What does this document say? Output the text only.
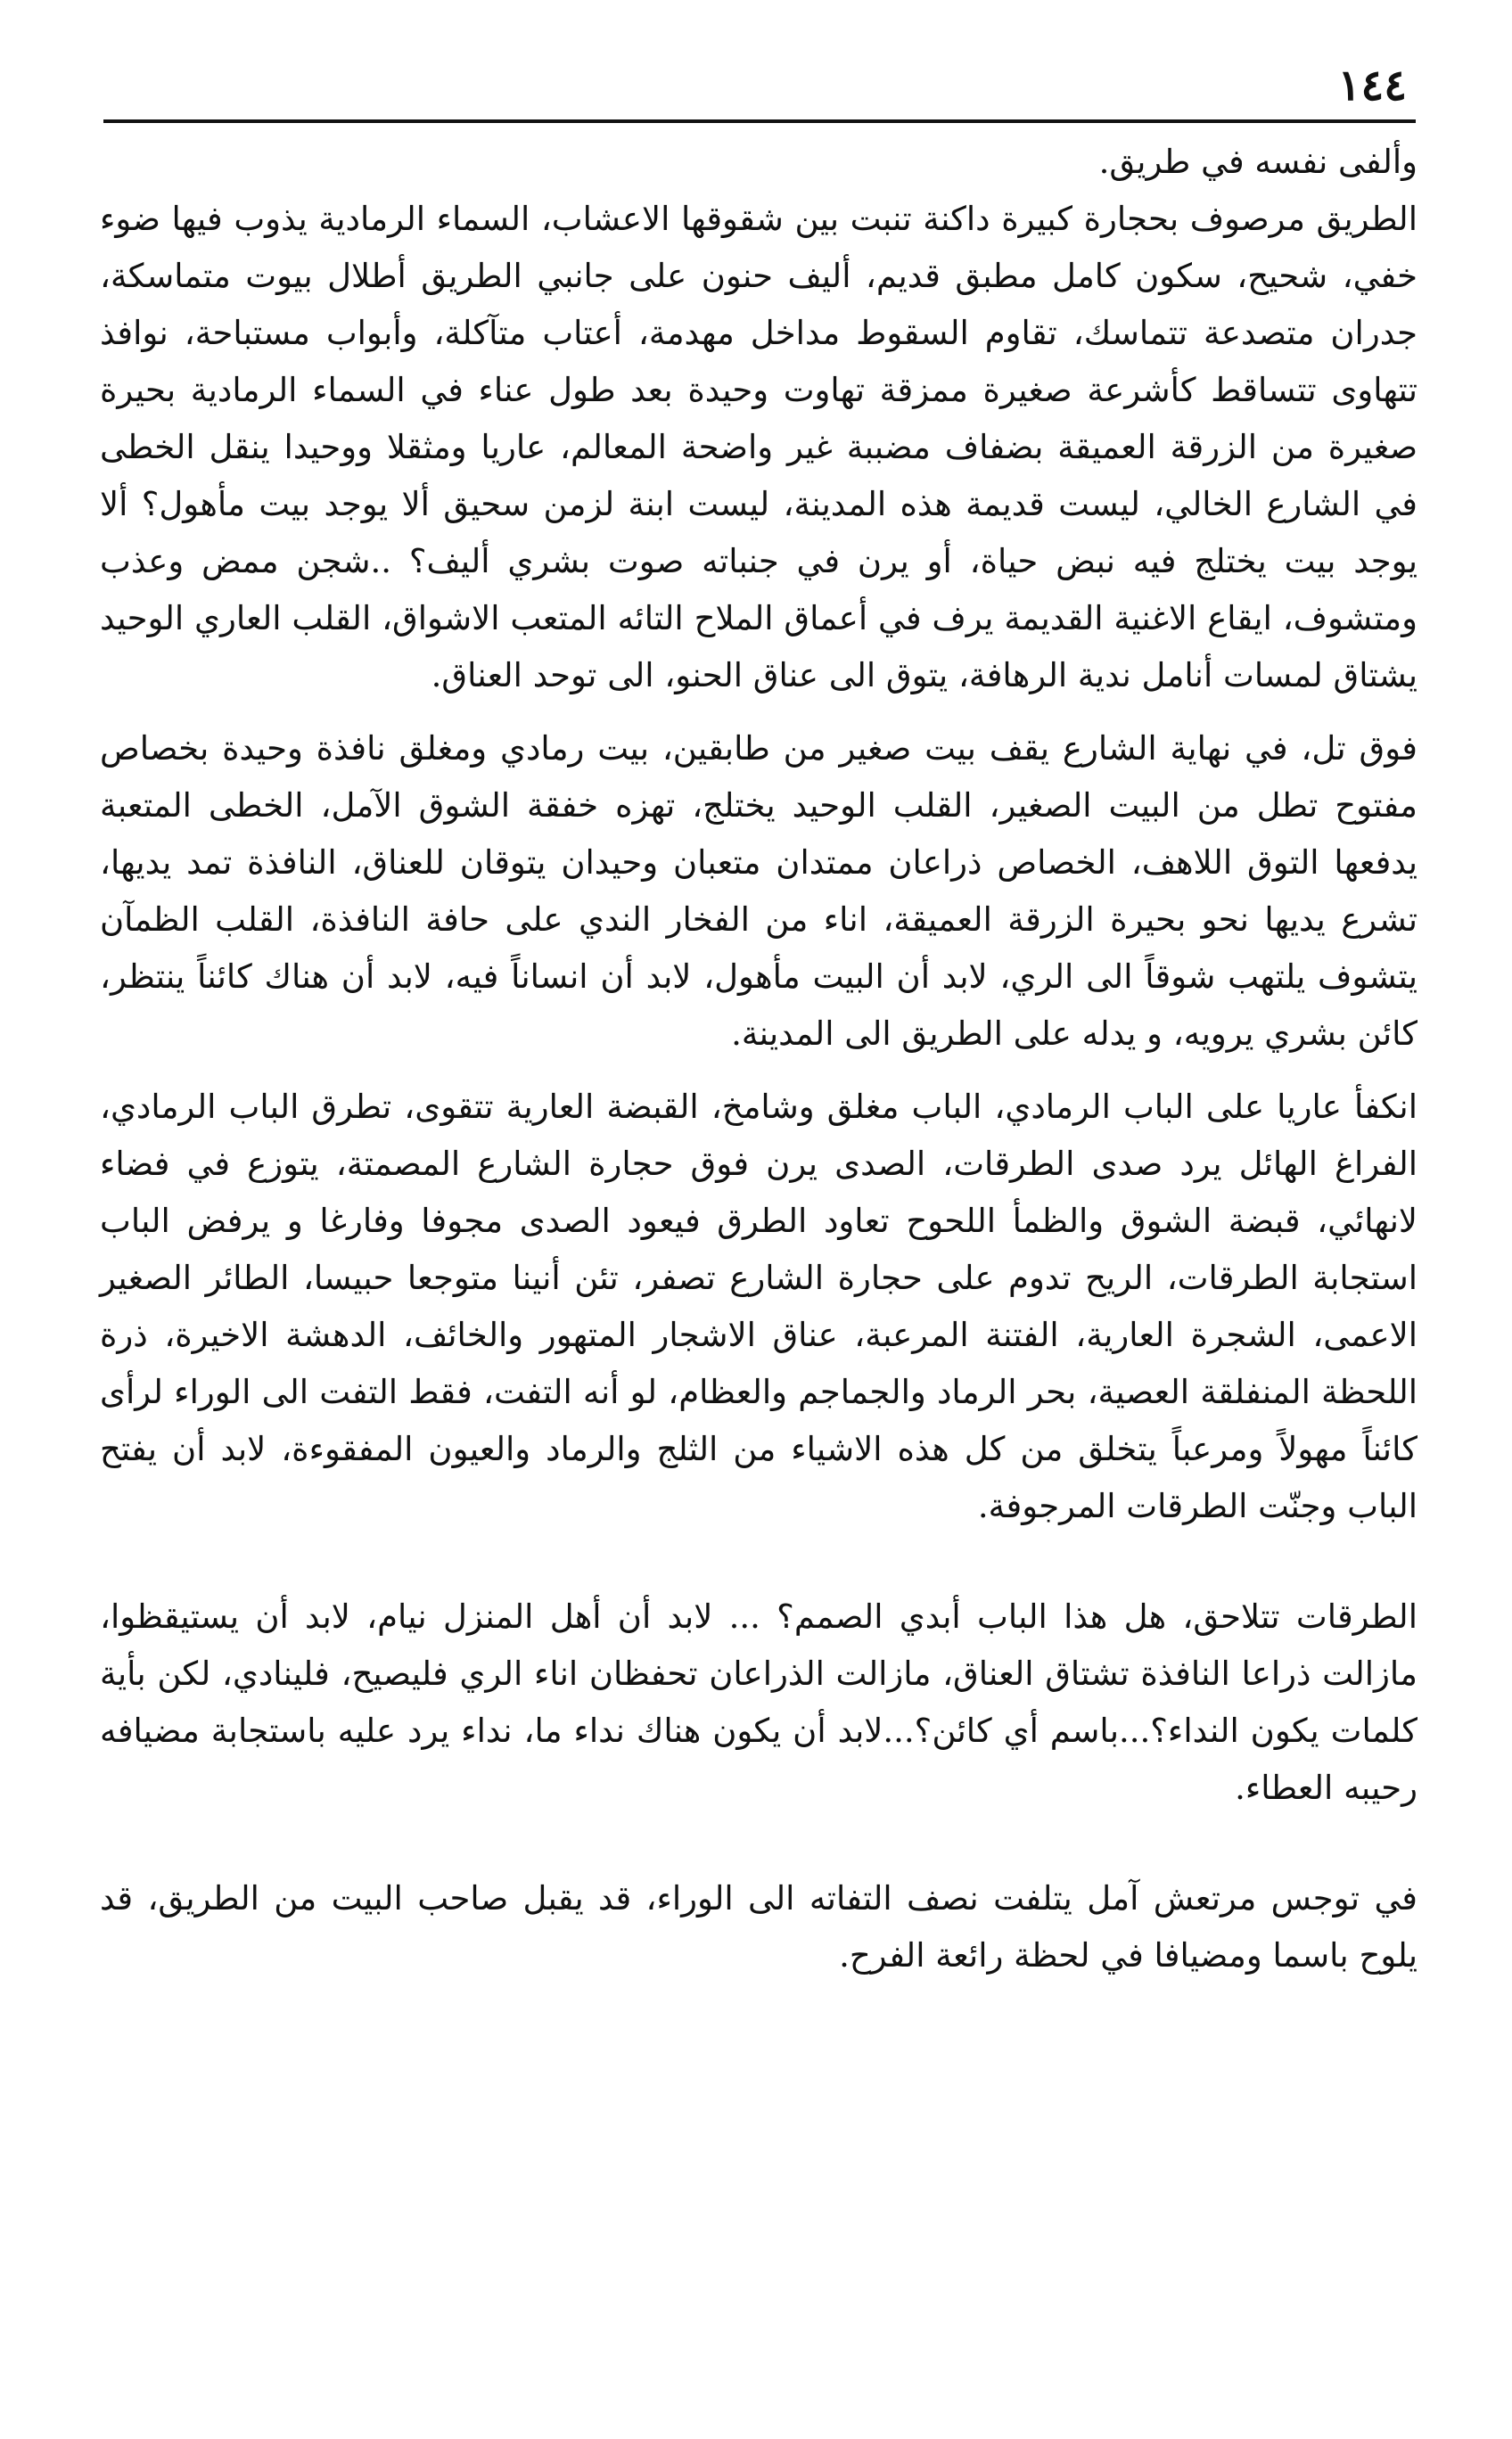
١٤٤

وألفى نفسه في طريق.

الطريق مرصوف بحجارة كبيرة داكنة تنبت بين شقوقها الاعشاب، السماء الرمادية يذوب فيها ضوء خفي، شحيح، سكون كامل مطبق قديم، أليف حنون على جانبي الطريق أطلال بيوت متماسكة، جدران متصدعة تتماسك، تقاوم السقوط مداخل مهدمة، أعتاب متآكلة، وأبواب مستباحة، نوافذ تتهاوى تتساقط كأشرعة صغيرة ممزقة تهاوت وحيدة بعد طول عناء في السماء الرمادية بحيرة صغيرة من الزرقة العميقة بضفاف مضببة غير واضحة المعالم، عاريا ومثقلا ووحيدا ينقل الخطى في الشارع الخالي، ليست قديمة هذه المدينة، ليست ابنة لزمن سحيق ألا يوجد بيت مأهول؟ ألا يوجد بيت يختلج فيه نبض حياة، أو يرن في جنباته صوت بشري أليف؟ ..شجن ممض وعذب ومتشوف، ايقاع الاغنية القديمة يرف في أعماق الملاح التائه المتعب الاشواق، القلب العاري الوحيد يشتاق لمسات أنامل ندية الرهافة، يتوق الى عناق الحنو، الى توحد العناق.

فوق تل، في نهاية الشارع يقف بيت صغير من طابقين، بيت رمادي ومغلق نافذة وحيدة بخصاص مفتوح تطل من البيت الصغير، القلب الوحيد يختلج، تهزه خفقة الشوق الآمل، الخطى المتعبة يدفعها التوق اللاهف، الخصاص ذراعان ممتدان متعبان وحيدان يتوقان للعناق، النافذة تمد يديها، تشرع يديها نحو بحيرة الزرقة العميقة، اناء من الفخار الندي على حافة النافذة، القلب الظمآن يتشوف يلتهب شوقاً الى الري، لابد أن البيت مأهول، لابد أن انساناً فيه، لابد أن هناك كائناً ينتظر، كائن بشري يرويه، و يدله على الطريق الى المدينة.

انكفأ عاريا على الباب الرمادي، الباب مغلق وشامخ، القبضة العارية تتقوى، تطرق الباب الرمادي، الفراغ الهائل يرد صدى الطرقات، الصدى يرن فوق حجارة الشارع المصمتة، يتوزع في فضاء لانهائي، قبضة الشوق والظمأ اللحوح تعاود الطرق فيعود الصدى مجوفا وفارغا و يرفض الباب استجابة الطرقات، الريح تدوم على حجارة الشارع تصفر، تئن أنينا متوجعا حبيسا، الطائر الصغير الاعمى، الشجرة العارية، الفتنة المرعبة، عناق الاشجار المتهور والخائف، الدهشة الاخيرة، ذرة اللحظة المنفلقة العصية، بحر الرماد والجماجم والعظام، لو أنه التفت، فقط التفت الى الوراء لرأى كائناً مهولاً ومرعباً يتخلق من كل هذه الاشياء من الثلج والرماد والعيون المفقوءة، لابد أن يفتح الباب وجنّت الطرقات المرجوفة.

الطرقات تتلاحق، هل هذا الباب أبدي الصمم؟ ... لابد أن أهل المنزل نيام، لابد أن يستيقظوا، مازالت ذراعا النافذة تشتاق العناق، مازالت الذراعان تحفظان اناء الري فليصيح، فلينادي، لكن بأية كلمات يكون النداء؟...باسم أي كائن؟...لابد أن يكون هناك نداء ما، نداء يرد عليه باستجابة مضيافه رحيبه العطاء.

في توجس مرتعش آمل يتلفت نصف التفاته الى الوراء، قد يقبل صاحب البيت من الطريق، قد يلوح باسما ومضيافا في لحظة رائعة الفرح.
